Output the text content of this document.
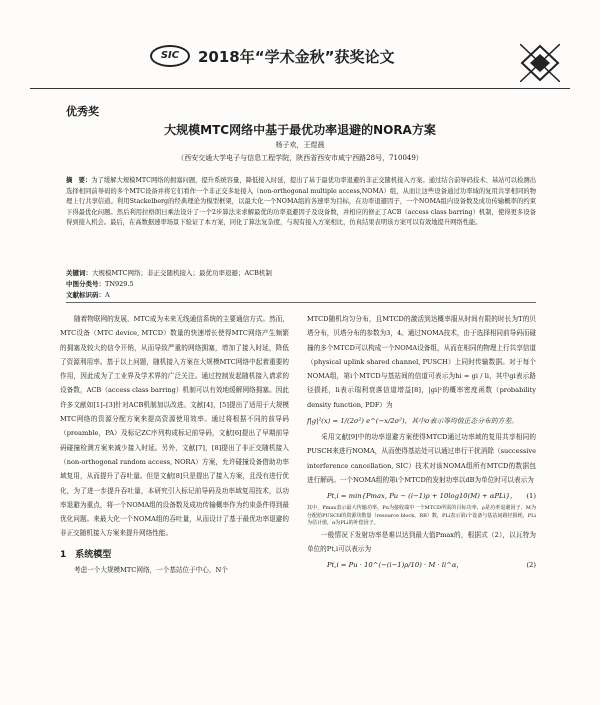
SIC	2018年“学术金秋”获奖论文
优秀奖
大规模MTC网络中基于最优功率退避的NORA方案
杨子欢，王煜晨
（西安交通大学电子与信息工程学院，陕西省西安市咸宁西路28号，710049）
摘　要：为了缓解大规模MTC网络的拥塞问题，提升系统容量，降低接入时延，提出了基于最优功率退避的非正交随机接入方案。通过结合前导码技术、基站可以检测出选择相同前导码的多个MTC设备并将它们看作一个非正交多址接入（non-orthogonal multiple access,NOMA）组，从而让这些设备通过功率域的复用共享相同的物理上行共享信道。利用Stackelberg的经典理论为模型框架，以最大化一个NOMA组的各速率为目标，在功率退避因子，一个NOMA组内设备数及成功传输概率的约束下得最优化问题。然后利用拉格朗日乘法设计了一个2步算法来求解最优的功率退避因子及设备数，并相应的修正了ACB（access class barring）机制，使得更多设备得到接入机会。最后，在高数据速率场景下验证了本方案，同化了算法复杂度，与现有接入方案相比，仿真结果表明该方案可以有效地提升网络性能。
关键词：大规模MTC网络；非正交随机接入；最优功率退避；ACB机制
中图分类号：TN929.5
文献标识码：A

随着物联网的发展，MTC成为未来无线通信系统的主要通信方式。然而，MTC设备（MTC device, MTCD）数量的快速增长使得MTC网络产生频繁的拥塞及较大的信令开销，从而导致严重的网络拥塞，增加了接入时延，降低了资源利用率。基于以上问题，随机接入方案在大规模MTC网络中起着重要的作用，因此成为了工业界及学术界的广泛关注。通过控制发起随机接入请求的设备数，ACB（access class barring）机制可以有效地缓解网络拥塞。因此许多文献如[1]–[3]针对ACB机制加以改进。文献[4]，[5]提出了适用于大规模MTC网络的资源分配方案来提高资源使用效率。通过将根据不同的前导码（preamble，PA）及标记ZC序列构成标记前导码，文献[6]提出了早期前导码碰撞检测方案来减少接入时延。另外，文献[7]，[8]提出了非正交随机接入（non-orthogonal random access, NORA）方案，允许碰撞设备借助功率域复用，从而提升了吞吐量。但是文献[8]只是提出了接入方案，且没有进行优化，为了进一步提升吞吐量，本研究引入标记前导码及功率域复用技术，以功率退避为重点，将一个NOMA组的设备数及成功传输概率作为约束条件得到最优化问题。来最大化一个NOMA组的吞吐量，从而设计了基于最优功率退避的非正交随机接入方案来提升网络性能。

1　系统模型

考虑一个大规模MTC网络，一个基站位于中心，N个

MTCD随机均匀分布，且MTCD的激活到达概率服从时间有限的时长为T的贝塔分布，贝塔分布的参数为3，4。通过NOMA技术，由于选择相同前导码而碰撞的多个MTCD可以构成一个NOMA设备组，从而在相同的物理上行共享信道（physical uplink shared channel, PUSCH）上同时传输数据。对于每个NOMA组，第i个MTCD与基站间的信道可表示为hi = gi / li，其中gi表示路径损耗，li表示瑞利衰落信道增益[8]，|gi|²的概率密度函数（probability density function, PDF）为

f|g|²(x) = 1/(2σ²) e^(−x/2σ²)，其中σ表示等均值正态分布的方差。

采用文献[9]中的功率退避方案使得MTCD通过功率域的复用共享相同的PUSCH来进行NOMA，从而使得基站处可以通过串行干扰消除（successive interference cancellation, SIC）技术对该NOMA组所有MTCD的数据包进行解码。一个NOMA组的第i个MTCD的发射功率以dB为单位时可以表示为

Pt,i = min{Pmax, Pu − (i−1)ρ + 10log10(M) + αPLi}， (1)

其中，Pmax表示最大传输功率，Pu为接收端中一个MTCD所需的目标功率，ρ是功率退避因子，M为分配给PUSCH的资源块数量（resource block，RB）数，PLi表示第i个设备与基站间路径损耗，PLi为估计值，α为PLi的补偿因子。

一般情况下发射功率是难以达到最大值Pmax的，根据式（2），以瓦特为单位的Pt,i可以表示为

Pt,i = Pu · 10^(−(i−1)ρ/10) · M · li^α，	(2)
